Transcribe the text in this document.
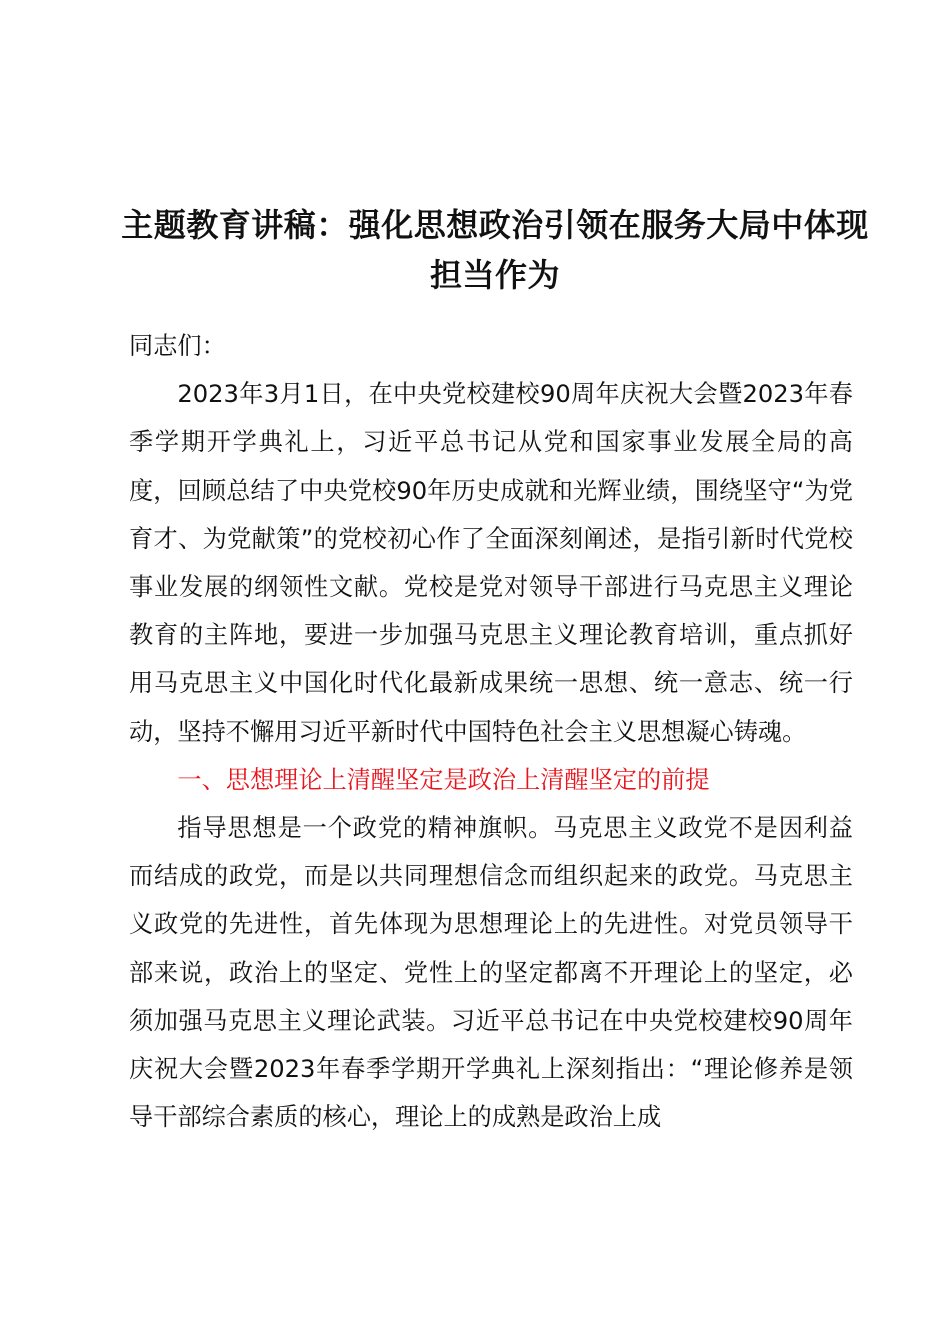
主题教育讲稿：强化思想政治引领在服务大局中体现担当作为

同志们：

2023年3月1日，在中央党校建校90周年庆祝大会暨2023年春季学期开学典礼上，习近平总书记从党和国家事业发展全局的高度，回顾总结了中央党校90年历史成就和光辉业绩，围绕坚守“为党育才、为党献策”的党校初心作了全面深刻阐述，是指引新时代党校事业发展的纲领性文献。党校是党对领导干部进行马克思主义理论教育的主阵地，要进一步加强马克思主义理论教育培训，重点抓好用马克思主义中国化时代化最新成果统一思想、统一意志、统一行动，坚持不懈用习近平新时代中国特色社会主义思想凝心铸魂。

一、思想理论上清醒坚定是政治上清醒坚定的前提

指导思想是一个政党的精神旗帜。马克思主义政党不是因利益而结成的政党，而是以共同理想信念而组织起来的政党。马克思主义政党的先进性，首先体现为思想理论上的先进性。对党员领导干部来说，政治上的坚定、党性上的坚定都离不开理论上的坚定，必须加强马克思主义理论武装。习近平总书记在中央党校建校90周年庆祝大会暨2023年春季学期开学典礼上深刻指出：“理论修养是领导干部综合素质的核心，理论上的成熟是政治上成
